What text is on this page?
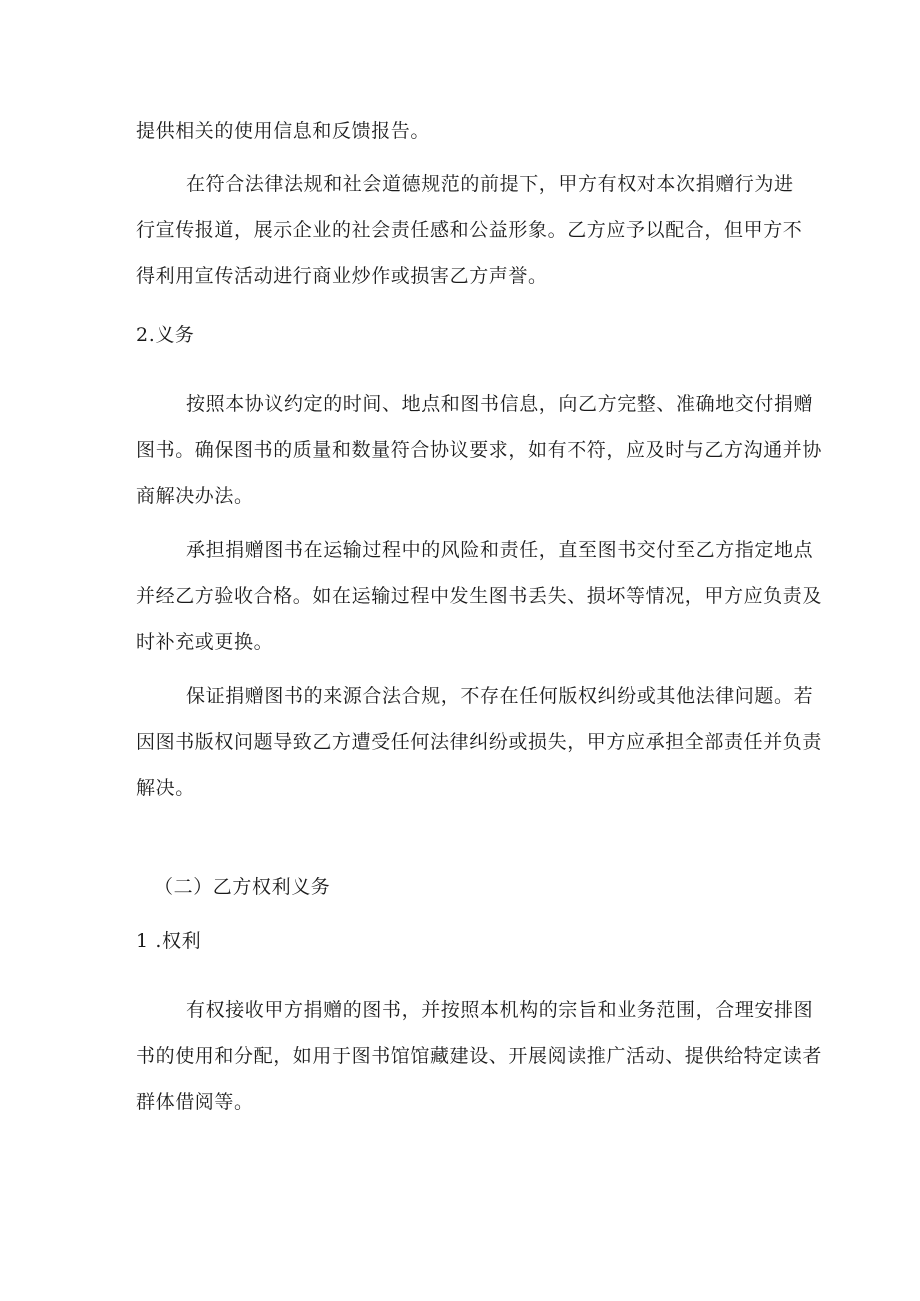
提供相关的使用信息和反馈报告。
在符合法律法规和社会道德规范的前提下，甲方有权对本次捐赠行为进
行宣传报道，展示企业的社会责任感和公益形象。乙方应予以配合，但甲方不
得利用宣传活动进行商业炒作或损害乙方声誉。
2.义务
按照本协议约定的时间、地点和图书信息，向乙方完整、准确地交付捐赠
图书。确保图书的质量和数量符合协议要求，如有不符，应及时与乙方沟通并协
商解决办法。
承担捐赠图书在运输过程中的风险和责任，直至图书交付至乙方指定地点
并经乙方验收合格。如在运输过程中发生图书丢失、损坏等情况，甲方应负责及
时补充或更换。
保证捐赠图书的来源合法合规，不存在任何版权纠纷或其他法律问题。若
因图书版权问题导致乙方遭受任何法律纠纷或损失，甲方应承担全部责任并负责
解决。
（二）乙方权利义务
1 .权利
有权接收甲方捐赠的图书，并按照本机构的宗旨和业务范围，合理安排图
书的使用和分配，如用于图书馆馆藏建设、开展阅读推广活动、提供给特定读者
群体借阅等。
